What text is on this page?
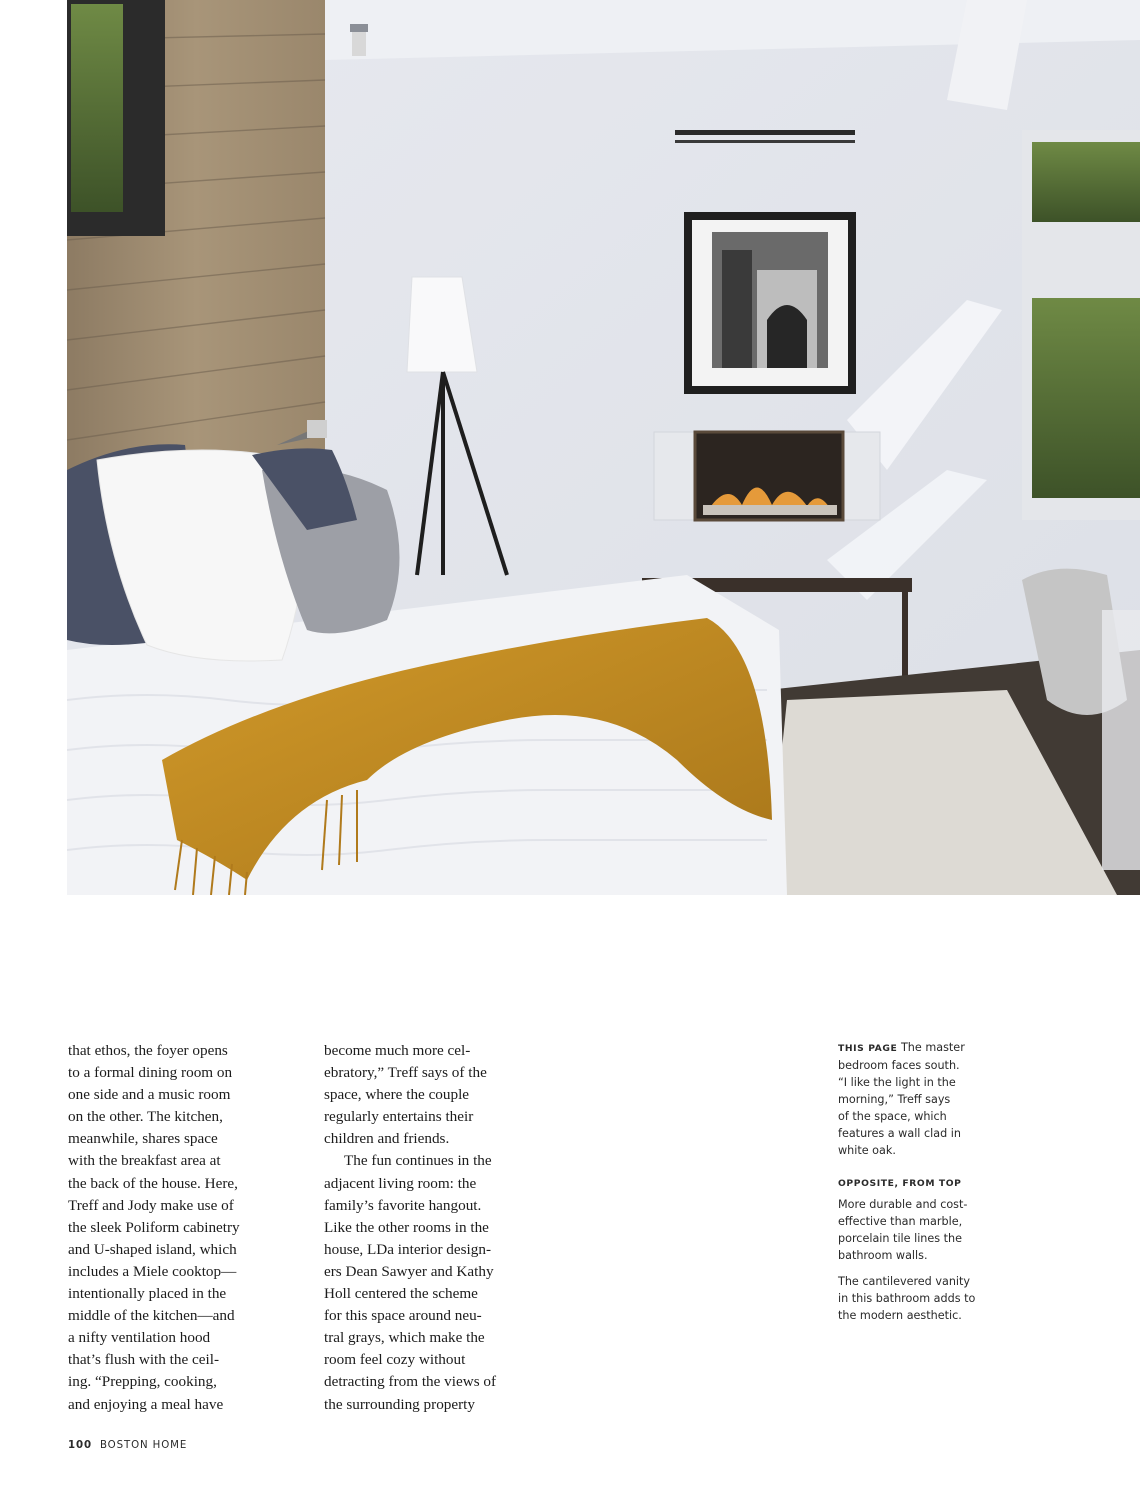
that ethos, the foyer opens
to a formal dining room on
one side and a music room
on the other. The kitchen,
meanwhile, shares space
with the breakfast area at
the back of the house. Here,
Treff and Jody make use of
the sleek Poliform cabinetry
and U-shaped island, which
includes a Miele cooktop—
intentionally placed in the
middle of the kitchen—and
a nifty ventilation hood
that’s flush with the ceil-
ing. “Prepping, cooking,
and enjoying a meal have

become much more cel-
ebratory,” Treff says of the
space, where the couple
regularly entertains their
children and friends.

The fun continues in the
adjacent living room: the
family’s favorite hangout.
Like the other rooms in the
house, LDa interior design-
ers Dean Sawyer and Kathy
Holl centered the scheme
for this space around neu-
tral grays, which make the
room feel cozy without
detracting from the views of
the surrounding property

THIS PAGE The master
bedroom faces south.
“I like the light in the
morning,” Treff says
of the space, which
features a wall clad in
white oak.

OPPOSITE, FROM TOP

More durable and cost-
effective than marble,
porcelain tile lines the
bathroom walls.

The cantilevered vanity
in this bathroom adds to
the modern aesthetic.

100 BOSTON HOME
